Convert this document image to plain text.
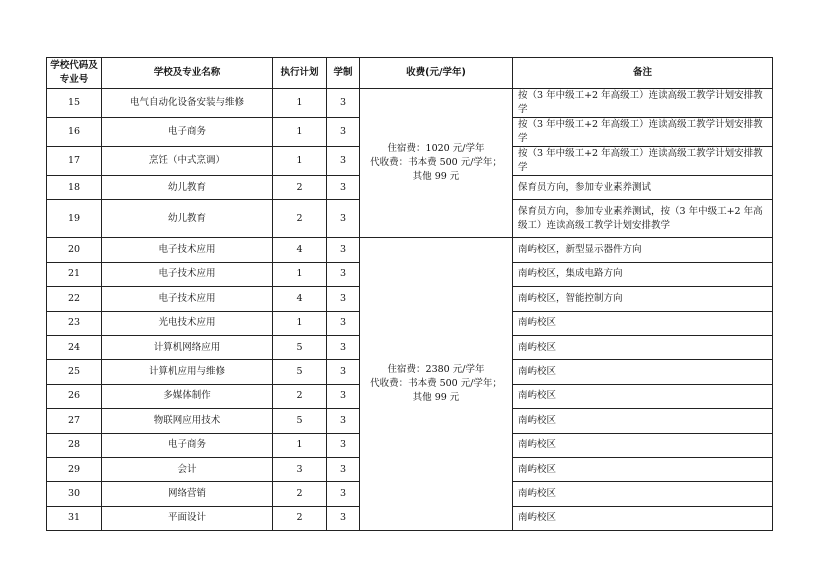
学校代码及专业号	学校及专业名称	执行计划	学制	收费(元/学年)	备注
15	电气自动化设备安装与维修	1	3	住宿费：1020 元/学年
代收费：书本费 500 元/学年；
其他 99 元	按（3 年中级工+2 年高级工）连读高级工教学计划安排教学
16	电子商务	1	3		按（3 年中级工+2 年高级工）连读高级工教学计划安排教学
17	烹饪（中式烹调）	1	3		按（3 年中级工+2 年高级工）连读高级工教学计划安排教学
18	幼儿教育	2	3		保育员方向，参加专业素养测试
19	幼儿教育	2	3		保育员方向，参加专业素养测试，按（3 年中级工+2 年高级工）连读高级工教学计划安排教学
20	电子技术应用	4	3	住宿费：2380 元/学年
代收费：书本费 500 元/学年；
其他 99 元	南屿校区，新型显示器件方向
21	电子技术应用	1	3		南屿校区，集成电路方向
22	电子技术应用	4	3		南屿校区，智能控制方向
23	光电技术应用	1	3		南屿校区
24	计算机网络应用	5	3		南屿校区
25	计算机应用与维修	5	3		南屿校区
26	多媒体制作	2	3		南屿校区
27	物联网应用技术	5	3		南屿校区
28	电子商务	1	3		南屿校区
29	会计	3	3		南屿校区
30	网络营销	2	3		南屿校区
31	平面设计	2	3		南屿校区
